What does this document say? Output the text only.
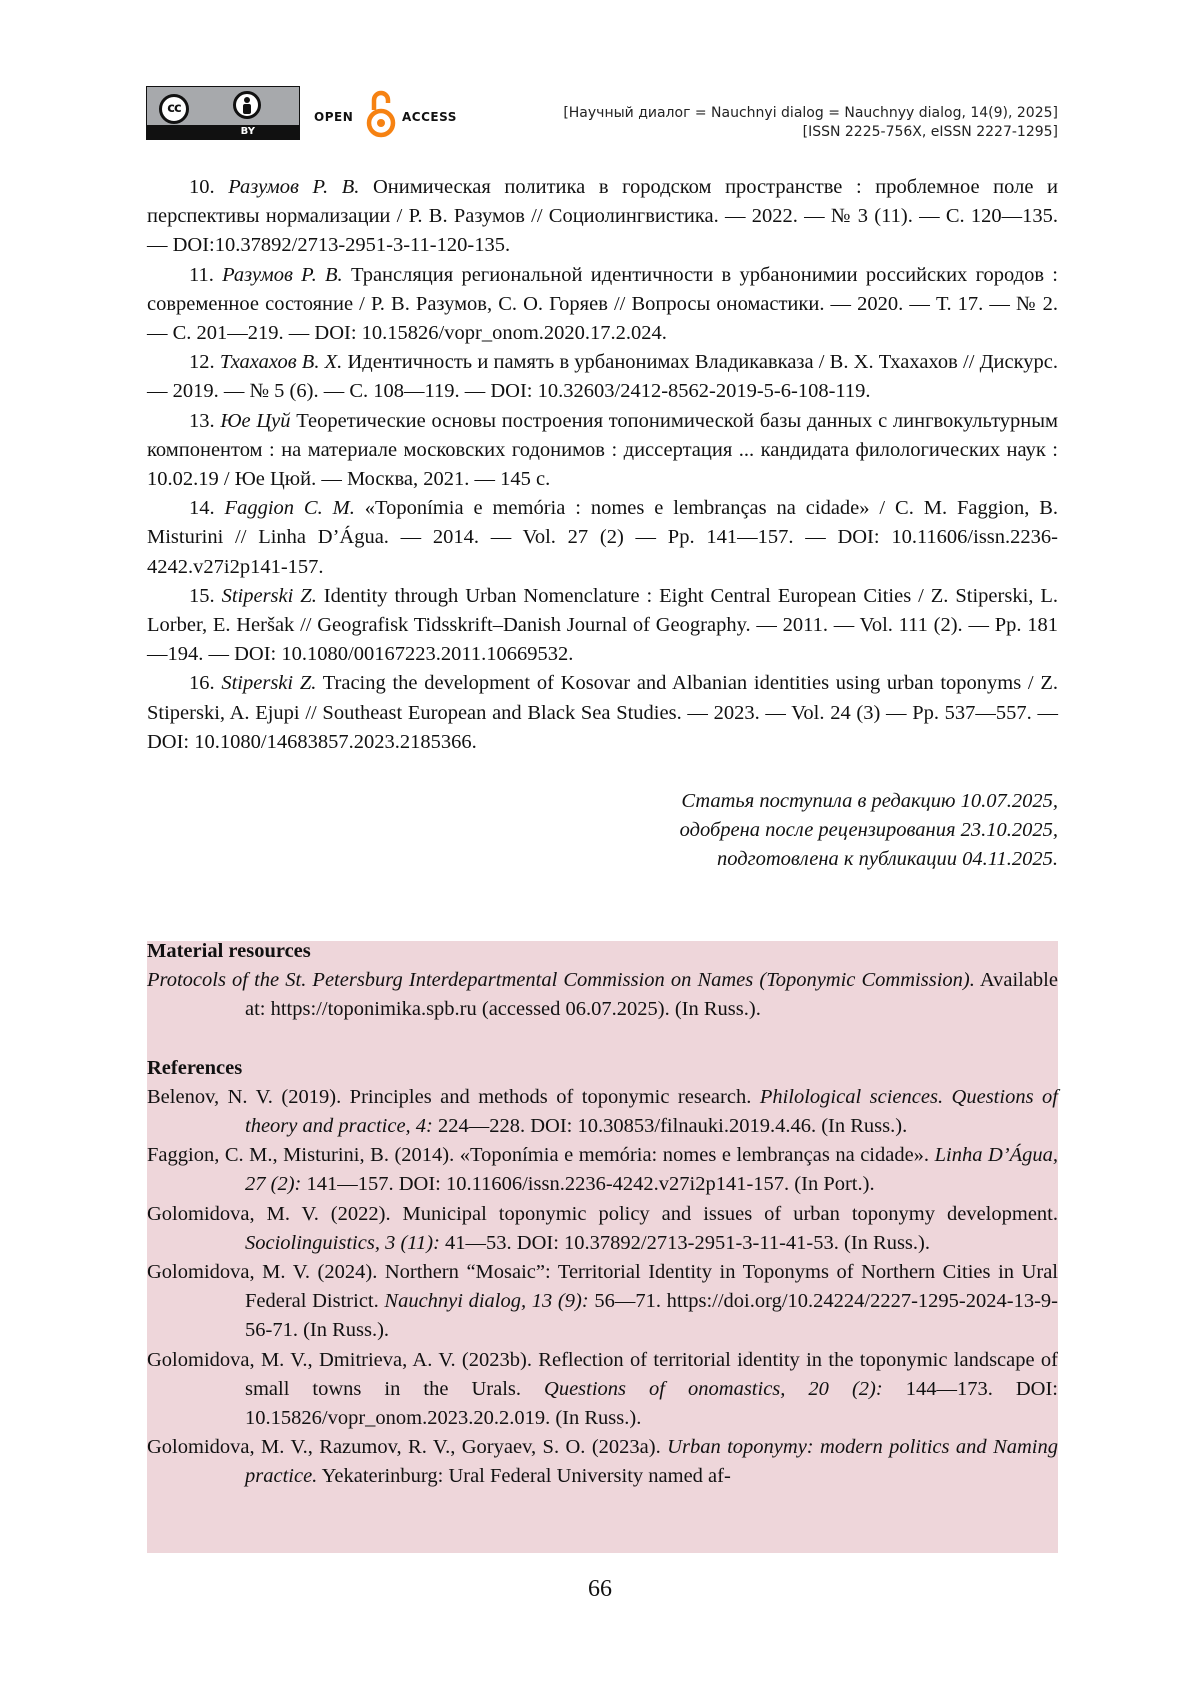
cc
BY
OPEN	ACCESS	[Научный диалог = Nauchnyi dialog = Nauchnyy dialog, 14(9), 2025]
[ISSN 2225-756X, eISSN 2227-1295]

10. Разумов Р. В. Онимическая политика в городском пространстве : проблемное поле и перспективы нормализации / Р. В. Разумов // Социолингвистика. — 2022. — № 3 (11). — С. 120—135. — DOI:10.37892/2713-2951-3-11-120-135.

11. Разумов Р. В. Трансляция региональной идентичности в урбанонимии российских городов : современное состояние / Р. В. Разумов, С. О. Горяев // Вопросы ономастики. — 2020. — Т. 17. — № 2. — С. 201—219. — DOI: 10.15826/vopr_onom.2020.17.2.024.

12. Тхахахов В. Х. Идентичность и память в урбанонимах Владикавказа / В. Х. Тхахахов // Дискурс. — 2019. — № 5 (6). — С. 108—119. — DOI: 10.32603/2412-8562-2019-5-6-108-119.

13. Юе Цуй Теоретические основы построения топонимической базы данных с лингвокультурным компонентом : на материале московских годонимов : диссертация ... кандидата филологических наук : 10.02.19 / Юе Цюй. — Москва, 2021. — 145 с.

14. Faggion C. M. «Toponímia e memória : nomes e lembranças na cidade» / C. M. Faggion, B. Misturini // Linha D’Água. — 2014. — Vol. 27 (2) — Pp. 141—157. — DOI: 10.11606/issn.2236-4242.v27i2p141-157.

15. Stiperski Z. Identity through Urban Nomenclature : Eight Central European Cities / Z. Stiperski, L. Lorber, E. Heršak // Geografisk Tidsskrift–Danish Journal of Geography. — 2011. — Vol. 111 (2). — Pp. 181—194. — DOI: 10.1080/00167223.2011.10669532.

16. Stiperski Z. Tracing the development of Kosovar and Albanian identities using urban toponyms / Z. Stiperski, A. Ejupi // Southeast European and Black Sea Studies. — 2023. — Vol. 24 (3) — Pp. 537—557. — DOI: 10.1080/14683857.2023.2185366.

Статья поступила в редакцию 10.07.2025,
одобрена после рецензирования 23.10.2025,
подготовлена к публикации 04.11.2025.
Material resources

Protocols of the St. Petersburg Interdepartmental Commission on Names (Toponymic Commission). Available at: https://toponimika.spb.ru (accessed 06.07.2025). (In Russ.).

References

Belenov, N. V. (2019). Principles and methods of toponymic research. Philological sciences. Questions of theory and practice, 4: 224—228. DOI: 10.30853/filnauki.2019.4.46. (In Russ.).

Faggion, C. M., Misturini, B. (2014). «Toponímia e memória: nomes e lembranças na cidade». Linha D’Água, 27 (2): 141—157. DOI: 10.11606/issn.2236-4242.v27i2p141-157. (In Port.).

Golomidova, M. V. (2022). Municipal toponymic policy and issues of urban toponymy development. Sociolinguistics, 3 (11): 41—53. DOI: 10.37892/2713-2951-3-11-41-53. (In Russ.).

Golomidova, M. V. (2024). Northern “Mosaic”: Territorial Identity in Toponyms of Northern Cities in Ural Federal District. Nauchnyi dialog, 13 (9): 56—71. https://doi.org/10.24224/2227-1295-2024-13-9-56-71. (In Russ.).

Golomidova, M. V., Dmitrieva, A. V. (2023b). Reflection of territorial identity in the toponymic landscape of small towns in the Urals. Questions of onomastics, 20 (2): 144—173. DOI: 10.15826/vopr_onom.2023.20.2.019. (In Russ.).

Golomidova, M. V., Razumov, R. V., Goryaev, S. O. (2023a). Urban toponymy: modern politics and Naming practice. Yekaterinburg: Ural Federal University named af-

66
